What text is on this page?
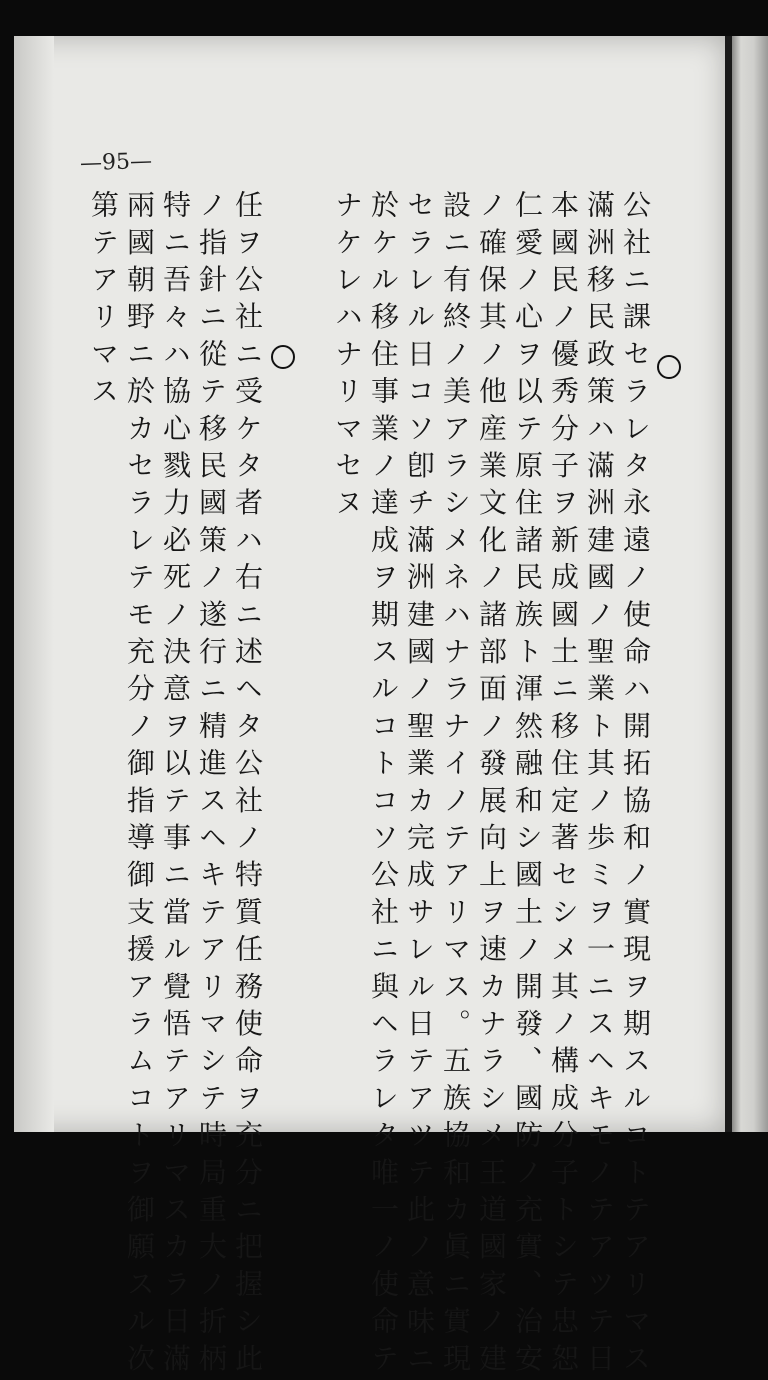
公社ニ課セラレタ永遠ノ使命ハ開拓協和ノ實現ヲ期スルコトテアリマス
滿洲移民政策ハ滿洲建國ノ聖業ト其ノ歩ミヲ一ニスヘキモノテアツテ日
本國民ノ優秀分子ヲ新成國土ニ移住定著セシメ其ノ構成分子トシテ忠恕
仁愛ノ心ヲ以テ原住諸民族ト渾然融和シ國土ノ開發、國防ノ充實、治安
ノ確保其ノ他産業文化ノ諸部面ノ發展向上ヲ速カナラシメ王道國家ノ建
設ニ有終ノ美アラシメネハナラナイノテアリマス。五族協和カ眞ニ實現
セラレル日コソ卽チ滿洲建國ノ聖業カ完成サレル日テアツテ此ノ意味ニ
於ケル移住事業ノ達成ヲ期スルコトコソ公社ニ與ヘラレタ唯一ノ使命テ
ナケレハナリマセヌ
任ヲ公社ニ受ケタ者ハ右ニ述ヘタ公社ノ特質任務使命ヲ充分ニ把握シ此
ノ指針ニ從テ移民國策ノ遂行ニ精進スヘキテアリマシテ時局重大ノ折柄
特ニ吾々ハ協心戮力必死ノ決意ヲ以テ事ニ當ル覺悟テアリマスカラ日滿
兩國朝野ニ於カセラレテモ充分ノ御指導御支援アラムコトヲ御願スル次
第テアリマス
—95—
